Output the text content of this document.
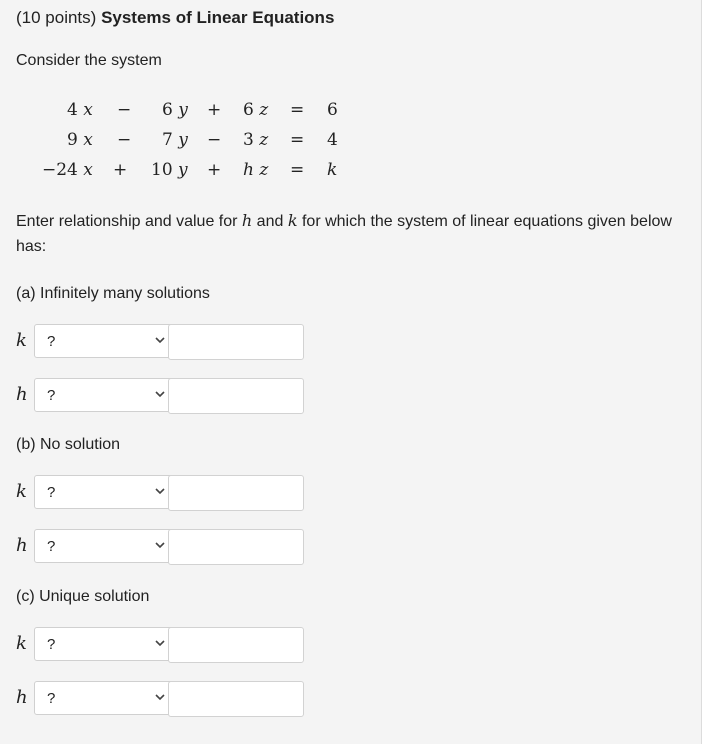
(10 points) Systems of Linear Equations
Consider the system
4 x − 6 y + 6 z = 6
9 x − 7 y − 3 z = 4
−24 x + 10 y + h z = k
Enter relationship and value for h and k for which the system of linear equations given below has:
(a) Infinitely many solutions
k ?
h ?
(b) No solution
k ?
h ?
(c) Unique solution
k ?
h ?
